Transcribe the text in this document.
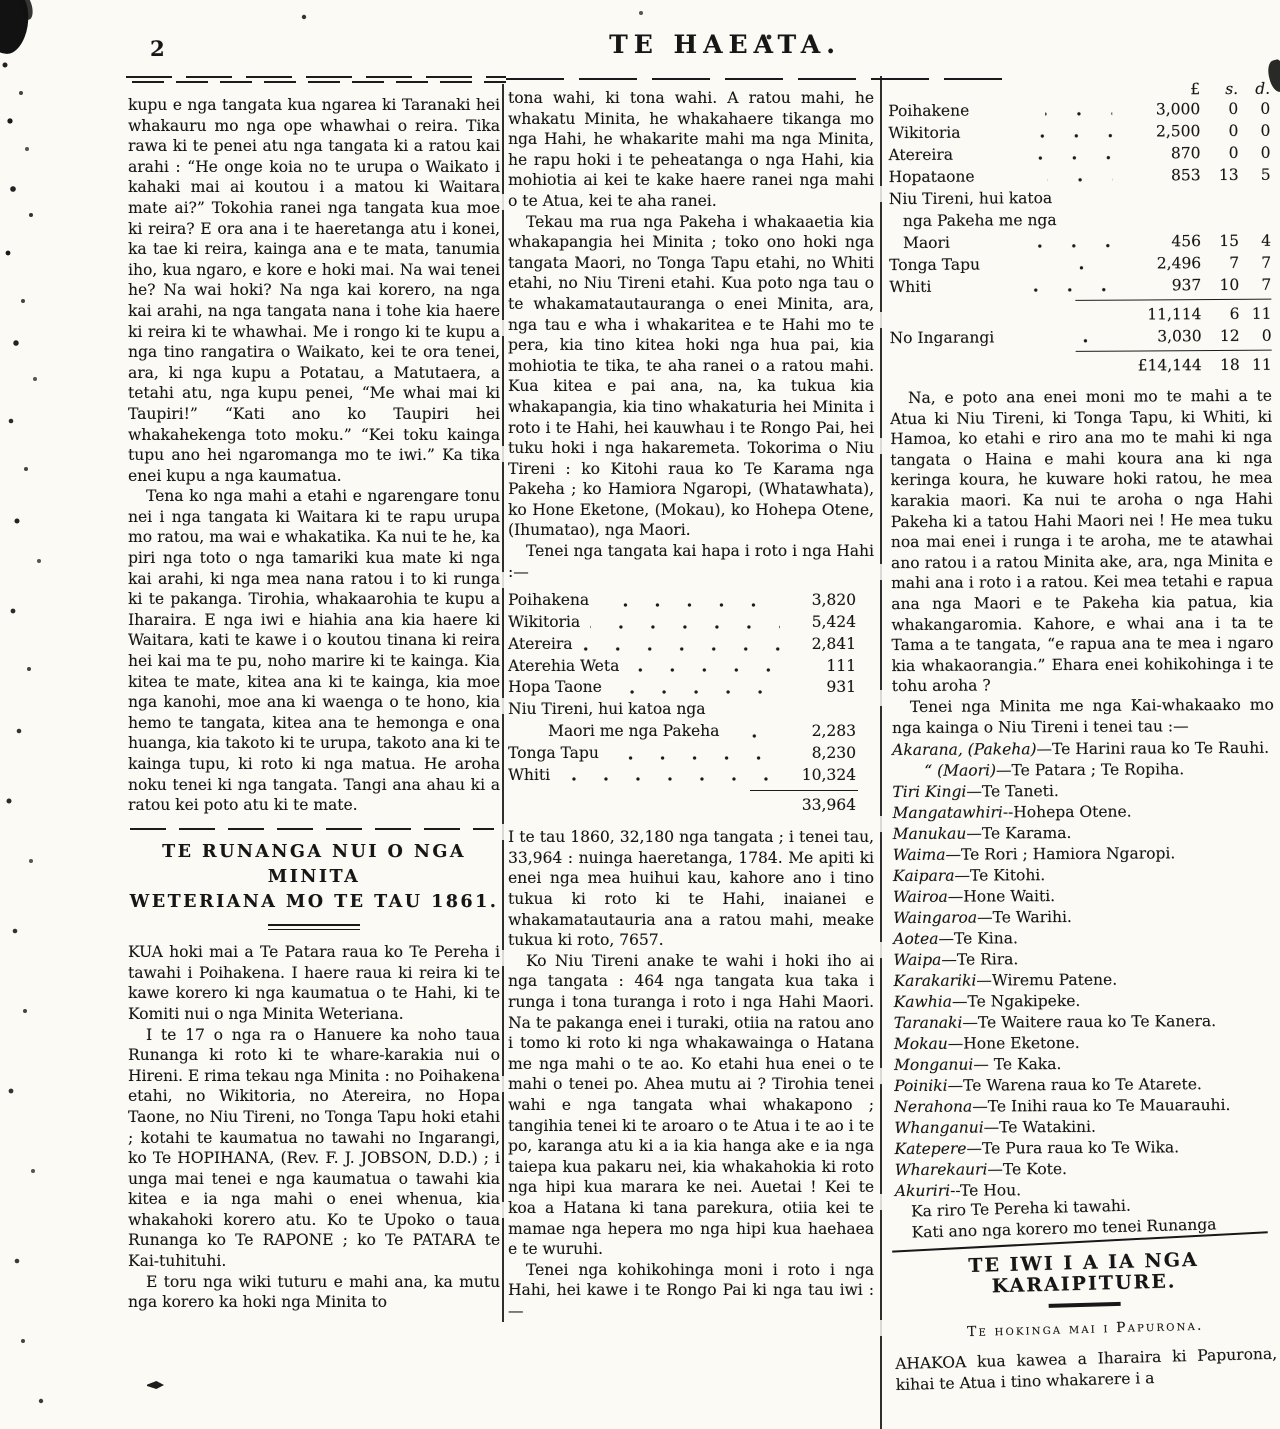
2	TE HAEATA.

kupu e nga tangata kua ngarea ki Taranaki hei whakauru mo nga ope whawhai o reira. Tika rawa ki te penei atu nga tangata ki a ratou kai arahi : “He onge koia no te urupa o Waikato i kahaki mai ai koutou i a matou ki Waitara mate ai?” Tokohia ranei nga tangata kua moe ki reira? E ora ana i te haeretanga atu i konei, ka tae ki reira, kainga ana e te mata, tanumia iho, kua ngaro, e kore e hoki mai. Na wai tenei he? Na wai hoki? Na nga kai korero, na nga kai arahi, na nga tangata nana i tohe kia haere ki reira ki te whawhai. Me i rongo ki te kupu a nga tino rangatira o Waikato, kei te ora tenei, ara, ki nga kupu a Potatau, a Matutaera, a tetahi atu, nga kupu penei, “Me whai mai ki Taupiri!” “Kati ano ko Taupiri hei whakahekenga toto moku.” “Kei toku kainga tupu ano hei ngaromanga mo te iwi.” Ka tika enei kupu a nga kaumatua.

Tena ko nga mahi a etahi e ngarengare tonu nei i nga tangata ki Waitara ki te rapu urupa mo ratou, ma wai e whakatika. Ka nui te he, ka piri nga toto o nga tamariki kua mate ki nga kai arahi, ki nga mea nana ratou i to ki runga ki te pakanga. Tirohia, whakaarohia te kupu a Iharaira. E nga iwi e hiahia ana kia haere ki Waitara, kati te kawe i o koutou tinana ki reira hei kai ma te pu, noho marire ki te kainga. Kia kitea te mate, kitea ana ki te kainga, kia moe nga kanohi, moe ana ki waenga o te hono, kia hemo te tangata, kitea ana te hemonga e ona huanga, kia takoto ki te urupa, takoto ana ki te kainga tupu, ki roto ki nga matua. He aroha noku tenei ki nga tangata. Tangi ana ahau ki a ratou kei poto atu ki te mate.

TE RUNANGA NUI O NGA MINITA
WETERIANA MO TE TAU 1861.

KUA hoki mai a Te Patara raua ko Te Pereha i tawahi i Poihakena. I haere raua ki reira ki te kawe korero ki nga kaumatua o te Hahi, ki te Komiti nui o nga Minita Weteriana.

I te 17 o nga ra o Hanuere ka noho taua Runanga ki roto ki te whare-karakia nui o Hireni. E rima tekau nga Minita : no Poihakena etahi, no Wikitoria, no Atereira, no Hopa Taone, no Niu Tireni, no Tonga Tapu hoki etahi ; kotahi te kaumatua no tawahi no Ingarangi, ko Te HOPIHANA, (Rev. F. J. JOBSON, D.D.) ; i unga mai tenei e nga kaumatua o tawahi kia kitea e ia nga mahi o enei whenua, kia whakahoki korero atu. Ko te Upoko o taua Runanga ko Te RAPONE ; ko Te PATARA te Kai-tuhituhi.

E toru nga wiki tuturu e mahi ana, ka mutu nga korero ka hoki nga Minita to

tona wahi, ki tona wahi. A ratou mahi, he whakatu Minita, he whakahaere tikanga mo nga Hahi, he whakarite mahi ma nga Minita, he rapu hoki i te peheatanga o nga Hahi, kia mohiotia ai kei te kake haere ranei nga mahi o te Atua, kei te aha ranei.

Tekau ma rua nga Pakeha i whakaaetia kia whakapangia hei Minita ; toko ono hoki nga tangata Maori, no Tonga Tapu etahi, no Whiti etahi, no Niu Tireni etahi. Kua poto nga tau o te whakamatautauranga o enei Minita, ara, nga tau e wha i whakaritea e te Hahi mo te pera, kia tino kitea hoki nga hua pai, kia mohiotia te tika, te aha ranei o a ratou mahi. Kua kitea e pai ana, na, ka tukua kia whakapangia, kia tino whakaturia hei Minita i roto i te Hahi, hei kauwhau i te Rongo Pai, hei tuku hoki i nga hakaremeta. Tokorima o Niu Tireni : ko Kitohi raua ko Te Karama nga Pakeha ; ko Hamiora Ngaropi, (Whatawhata), ko Hone Eketone, (Mokau), ko Hohepa Otene, (Ihumatao), nga Maori.

Tenei nga tangata kai hapa i roto i nga Hahi :—

Poihakena	3,820
Wikitoria	5,424
Atereira	2,841
Aterehia Weta	111
Hopa Taone	931
Niu Tireni, hui katoa nga
Maori me nga Pakeha	2,283
Tonga Tapu	8,230
Whiti	10,324
33,964

I te tau 1860, 32,180 nga tangata ; i tenei tau, 33,964 : nuinga haeretanga, 1784. Me apiti ki enei nga mea huihui kau, kahore ano i tino tukua ki roto ki te Hahi, inaianei e whakamatautauria ana a ratou mahi, meake tukua ki roto, 7657.

Ko Niu Tireni anake te wahi i hoki iho ai nga tangata : 464 nga tangata kua taka i runga i tona turanga i roto i nga Hahi Maori. Na te pakanga enei i turaki, otiia na ratou ano i tomo ki roto ki nga whakawainga o Hatana me nga mahi o te ao. Ko etahi hua enei o te mahi o tenei po. Ahea mutu ai ? Tirohia tenei wahi e nga tangata whai whakapono ; tangihia tenei ki te aroaro o te Atua i te ao i te po, karanga atu ki a ia kia hanga ake e ia nga taiepa kua pakaru nei, kia whakahokia ki roto nga hipi kua marara ke nei. Auetai ! Kei te koa a Hatana ki tana parekura, otiia kei te mamae nga hepera mo nga hipi kua haehaea e te wuruhi.

Tenei nga kohikohinga moni i roto i nga Hahi, hei kawe i te Rongo Pai ki nga tau iwi :—

£	s.	d.
Poihakene	3,000	0	0
Wikitoria	2,500	0	0
Atereira	870	0	0
Hopataone	853	13	5
Niu Tireni, hui katoa
nga Pakeha me nga
Maori	456	15	4
Tonga Tapu	2,496	7	7
Whiti	937	10	7
11,114	6 11
No Ingarangi	3,030	12	0
£14,144	18 11

Na, e poto ana enei moni mo te mahi a te Atua ki Niu Tireni, ki Tonga Tapu, ki Whiti, ki Hamoa, ko etahi e riro ana mo te mahi ki nga tangata o Haina e mahi koura ana ki nga keringa koura, he kuware hoki ratou, he mea karakia maori. Ka nui te aroha o nga Hahi Pakeha ki a tatou Hahi Maori nei ! He mea tuku noa mai enei i runga i te aroha, me te atawhai ano ratou i a ratou Minita ake, ara, nga Minita e mahi ana i roto i a ratou. Kei mea tetahi e rapua ana nga Maori e te Pakeha kia patua, kia whakangaromia. Kahore, e whai ana i ta te Tama a te tangata, “e rapua ana te mea i ngaro kia whakaorangia.” Ehara enei kohikohinga i te tohu aroha ?

Tenei nga Minita me nga Kai-whakaako mo nga kainga o Niu Tireni i tenei tau :—

Akarana, (Pakeha)—Te Harini raua ko Te Rauhi.

“ (Maori)—Te Patara ; Te Ropiha.

Tiri Kingi—Te Taneti.

Mangatawhiri--Hohepa Otene.

Manukau—Te Karama.

Waima—Te Rori ; Hamiora Ngaropi.

Kaipara—Te Kitohi.

Wairoa—Hone Waiti.

Waingaroa—Te Warihi.

Aotea—Te Kina.

Waipa—Te Rira.

Karakariki—Wiremu Patene.

Kawhia—Te Ngakipeke.

Taranaki—Te Waitere raua ko Te Kanera.

Mokau—Hone Eketone.

Monganui— Te Kaka.

Poiniki—Te Warena raua ko Te Atarete.

Nerahona—Te Inihi raua ko Te Mauarauhi.

Whanganui—Te Watakini.

Katepere—Te Pura raua ko Te Wika.

Wharekauri—Te Kote.

Akuriri--Te Hou.

Ka riro Te Pereha ki tawahi.

Kati ano nga korero mo tenei Runanga

TE IWI I A IA NGA KARAIPITURE.

Te hokinga mai i Papurona.

AHAKOA kua kawea a Iharaira ki Papurona, kihai te Atua i tino whakarere i a
